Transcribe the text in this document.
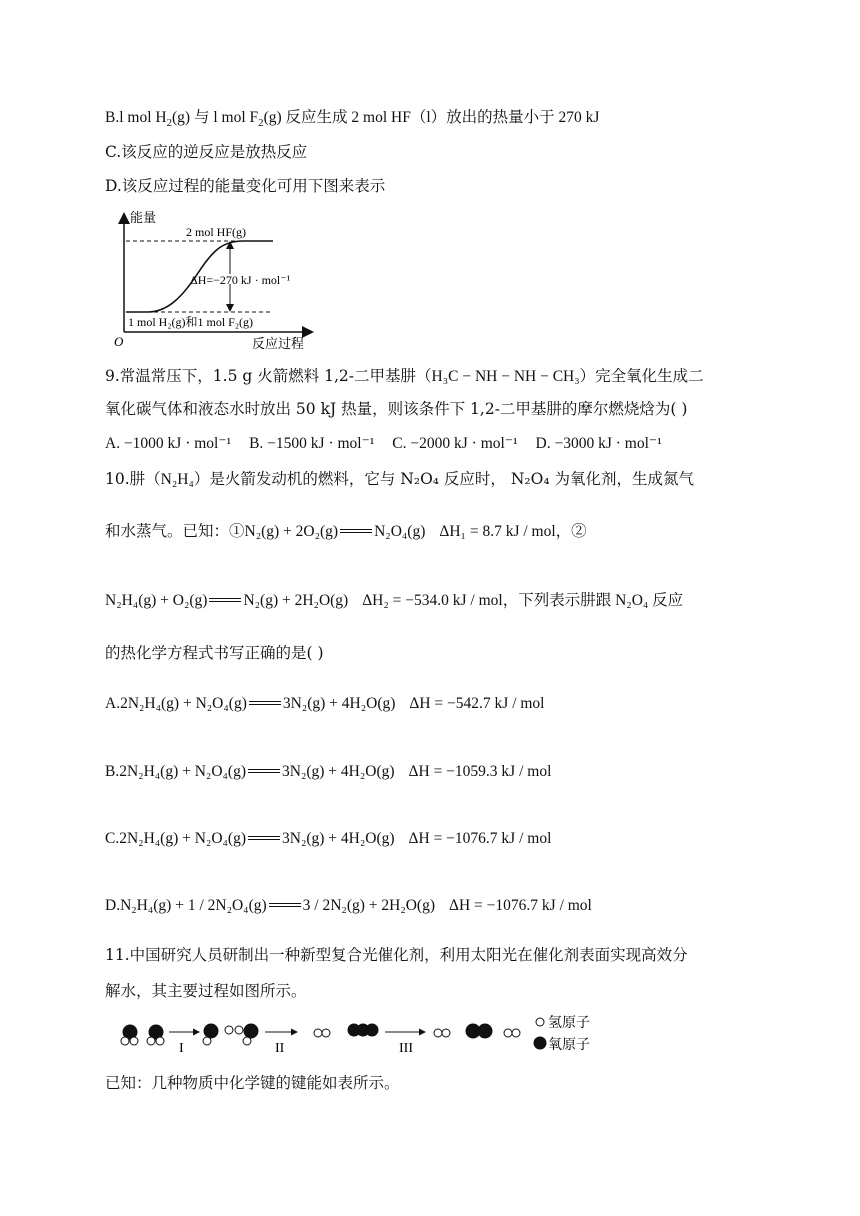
B.l mol $H_2(g)$ 与 l mol $F_2(g)$ 反应生成 2 mol HF（l）放出的热量小于 270 kJ
C.该反应的逆反应是放热反应
D.该反应过程的能量变化可用下图来表示
能量
2 mol HF(g)
ΔH=−270 kJ · mol⁻¹
1 mol H₂(g)和1 mol F₂(g)
O	反应过程
9.常温常压下，1.5 g 火箭燃料 1,2-二甲基肼（H₃C − NH − NH − CH₃）完全氧化生成二
氧化碳气体和液态水时放出 50 kJ 热量，则该条件下 1,2-二甲基肼的摩尔燃烧焓为( )
A. −1000 kJ · mol⁻¹ B. −1500 kJ · mol⁻¹ C. −2000 kJ · mol⁻¹ D. −3000 kJ · mol⁻¹
10.肼（N₂H₄）是火箭发动机的燃料，它与 N₂O₄ 反应时， N₂O₄ 为氧化剂，生成氮气
和水蒸气。已知：①N₂(g) + 2O₂(g) N₂O₄(g) ΔH₁ = 8.7 kJ / mol，②
N₂H₄(g) + O₂(g) N₂(g) + 2H₂O(g) ΔH₂ = −534.0 kJ / mol，下列表示肼跟 N₂O₄ 反应
的热化学方程式书写正确的是( )
A.2N₂H₄(g) + N₂O₄(g) 3N₂(g) + 4H₂O(g) ΔH = −542.7 kJ / mol
B.2N₂H₄(g) + N₂O₄(g) 3N₂(g) + 4H₂O(g) ΔH = −1059.3 kJ / mol
C.2N₂H₄(g) + N₂O₄(g) 3N₂(g) + 4H₂O(g) ΔH = −1076.7 kJ / mol
D.N₂H₄(g) + 1 / 2N₂O₄(g) 3 / 2N₂(g) + 2H₂O(g) ΔH = −1076.7 kJ / mol
11.中国研究人员研制出一种新型复合光催化剂，利用太阳光在催化剂表面实现高效分
解水，其主要过程如图所示。
I	II	III
氢原子
氧原子
已知：几种物质中化学键的键能如表所示。
